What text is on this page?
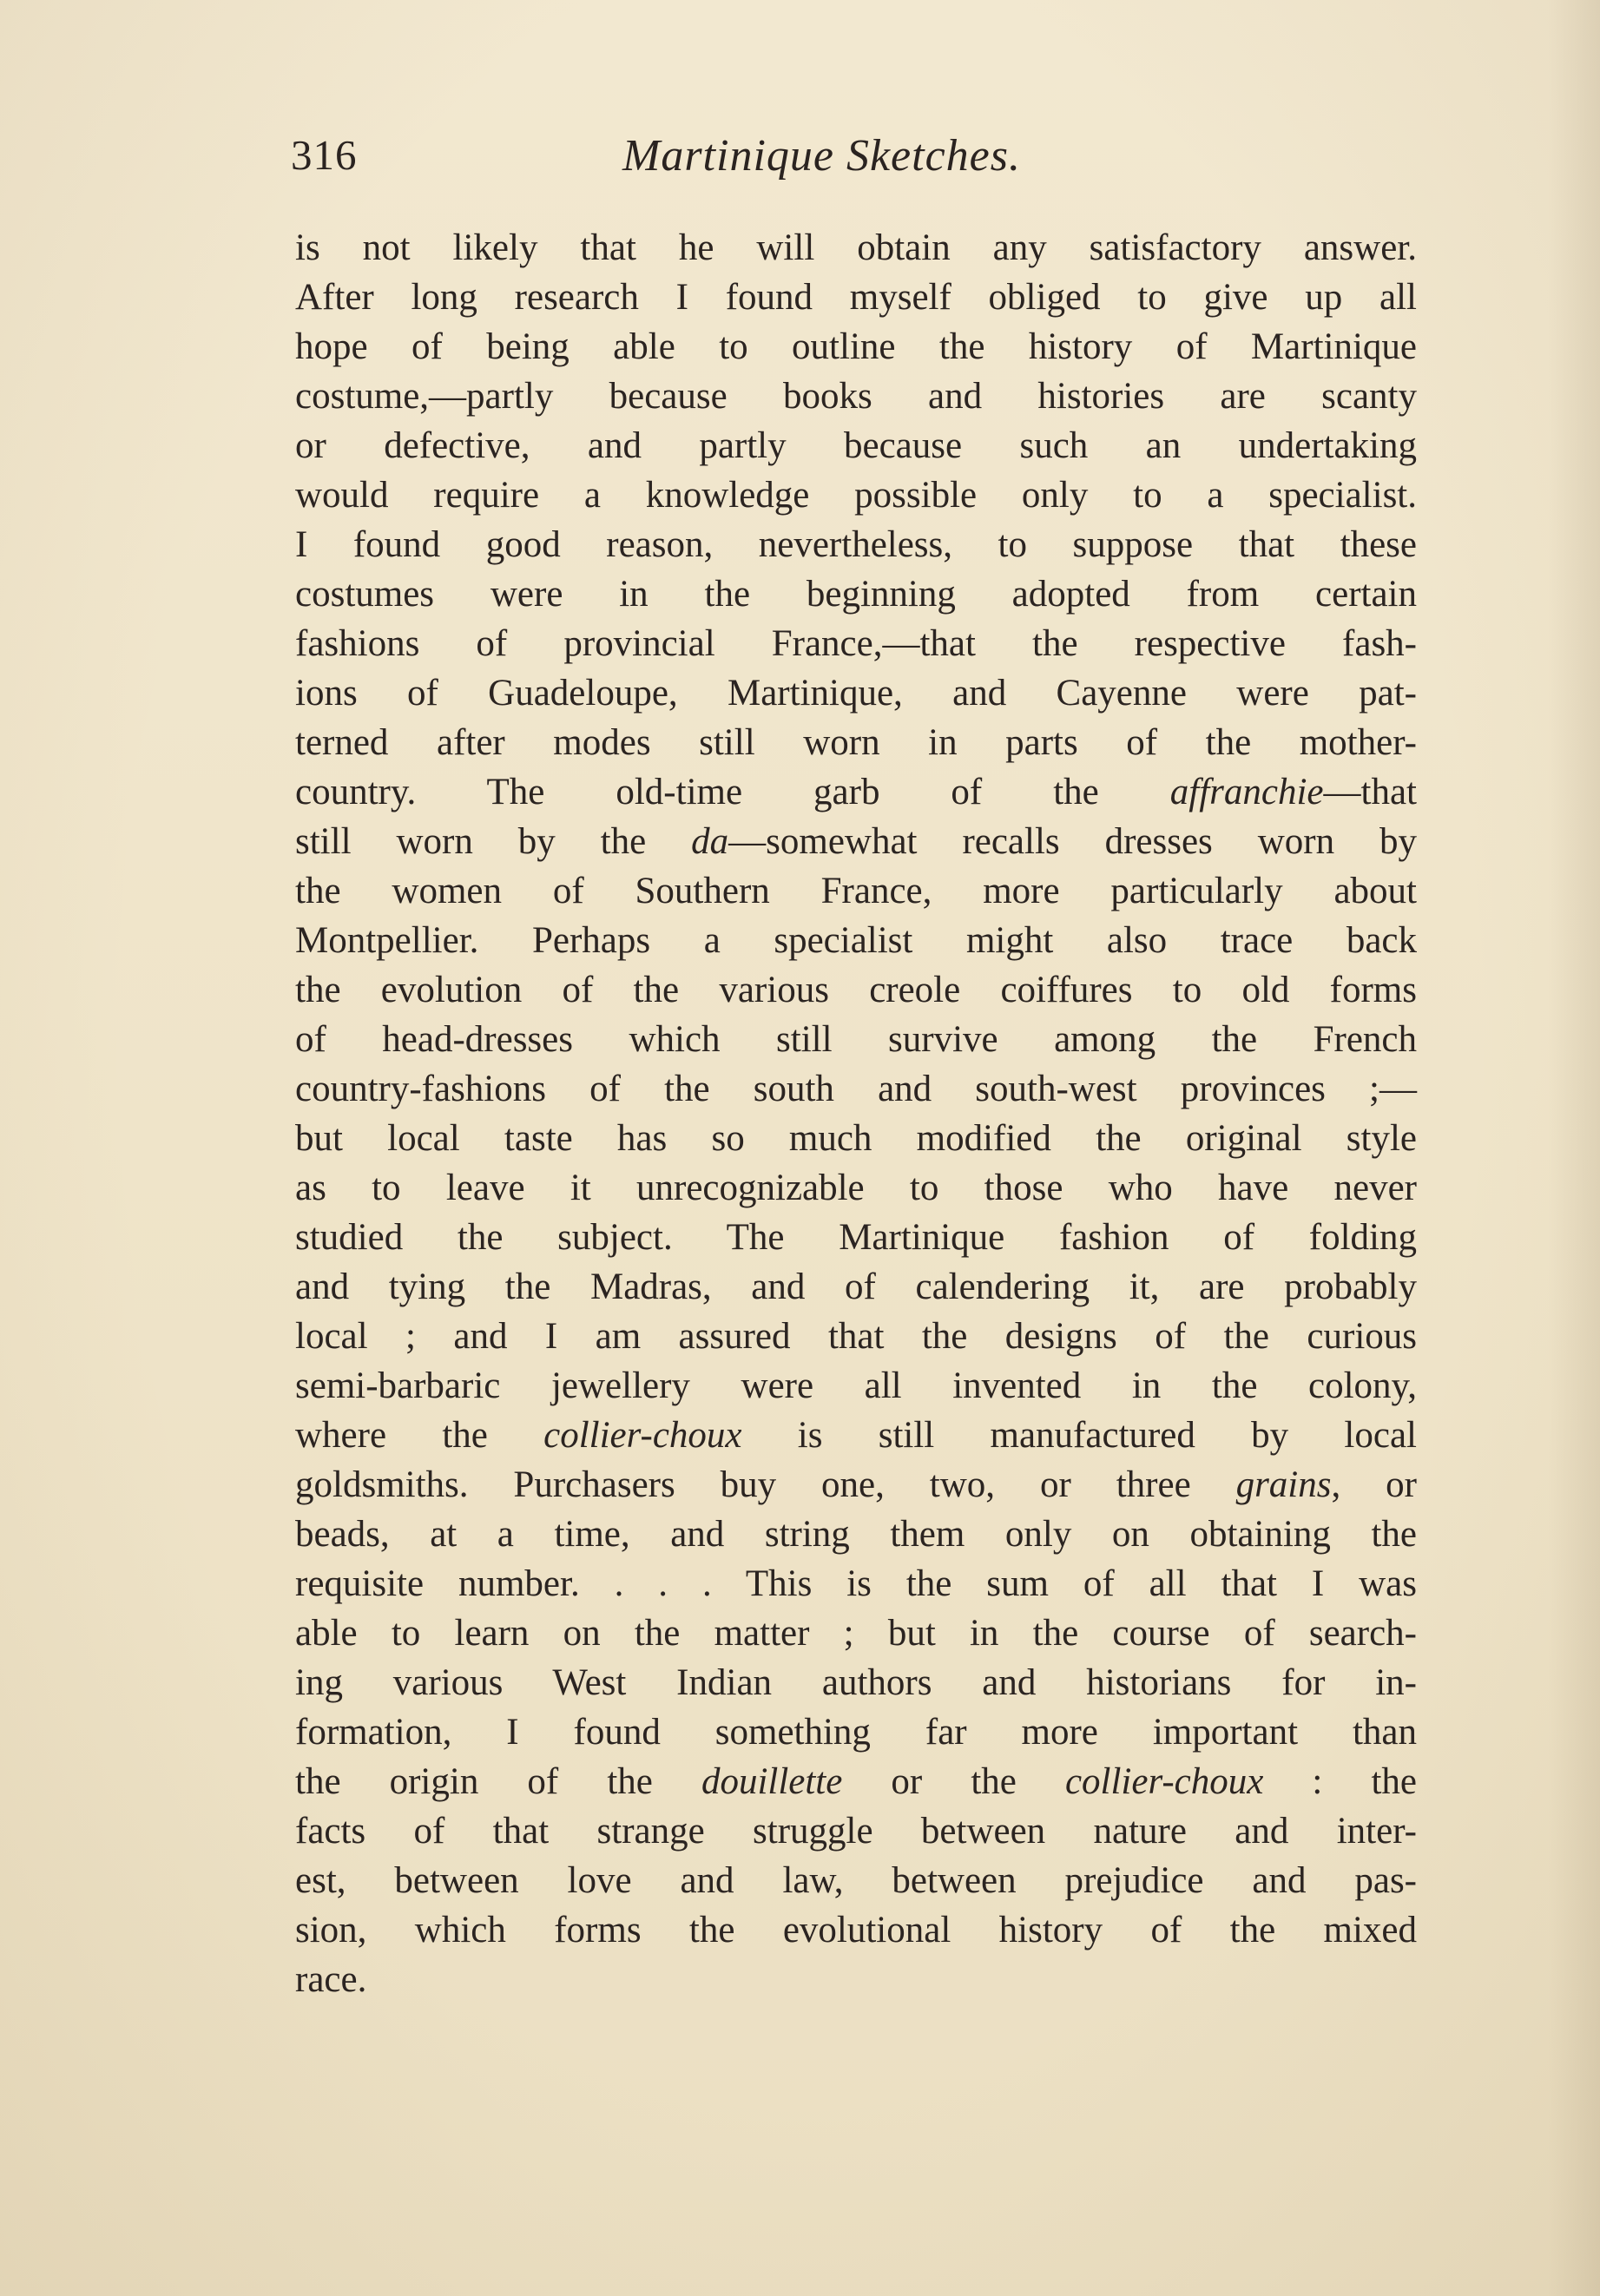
316	Martinique Sketches.
is not likely that he will obtain any satisfactory answer.
After long research I found myself obliged to give up all
hope of being able to outline the history of Martinique
costume,—partly because books and histories are scanty
or defective, and partly because such an undertaking
would require a knowledge possible only to a specialist.
I found good reason, nevertheless, to suppose that these
costumes were in the beginning adopted from certain
fashions of provincial France,—that the respective fash-
ions of Guadeloupe, Martinique, and Cayenne were pat-
terned after modes still worn in parts of the mother-
country. The old-time garb of the affranchie—that
still worn by the da—somewhat recalls dresses worn by
the women of Southern France, more particularly about
Montpellier. Perhaps a specialist might also trace back
the evolution of the various creole coiffures to old forms
of head-dresses which still survive among the French
country-fashions of the south and south-west provinces ;—
but local taste has so much modified the original style
as to leave it unrecognizable to those who have never
studied the subject. The Martinique fashion of folding
and tying the Madras, and of calendering it, are probably
local ; and I am assured that the designs of the curious
semi-barbaric jewellery were all invented in the colony,
where the collier-choux is still manufactured by local
goldsmiths. Purchasers buy one, two, or three grains, or
beads, at a time, and string them only on obtaining the
requisite number. . . . This is the sum of all that I was
able to learn on the matter ; but in the course of search-
ing various West Indian authors and historians for in-
formation, I found something far more important than
the origin of the douillette or the collier-choux : the
facts of that strange struggle between nature and inter-
est, between love and law, between prejudice and pas-
sion, which forms the evolutional history of the mixed
race.
